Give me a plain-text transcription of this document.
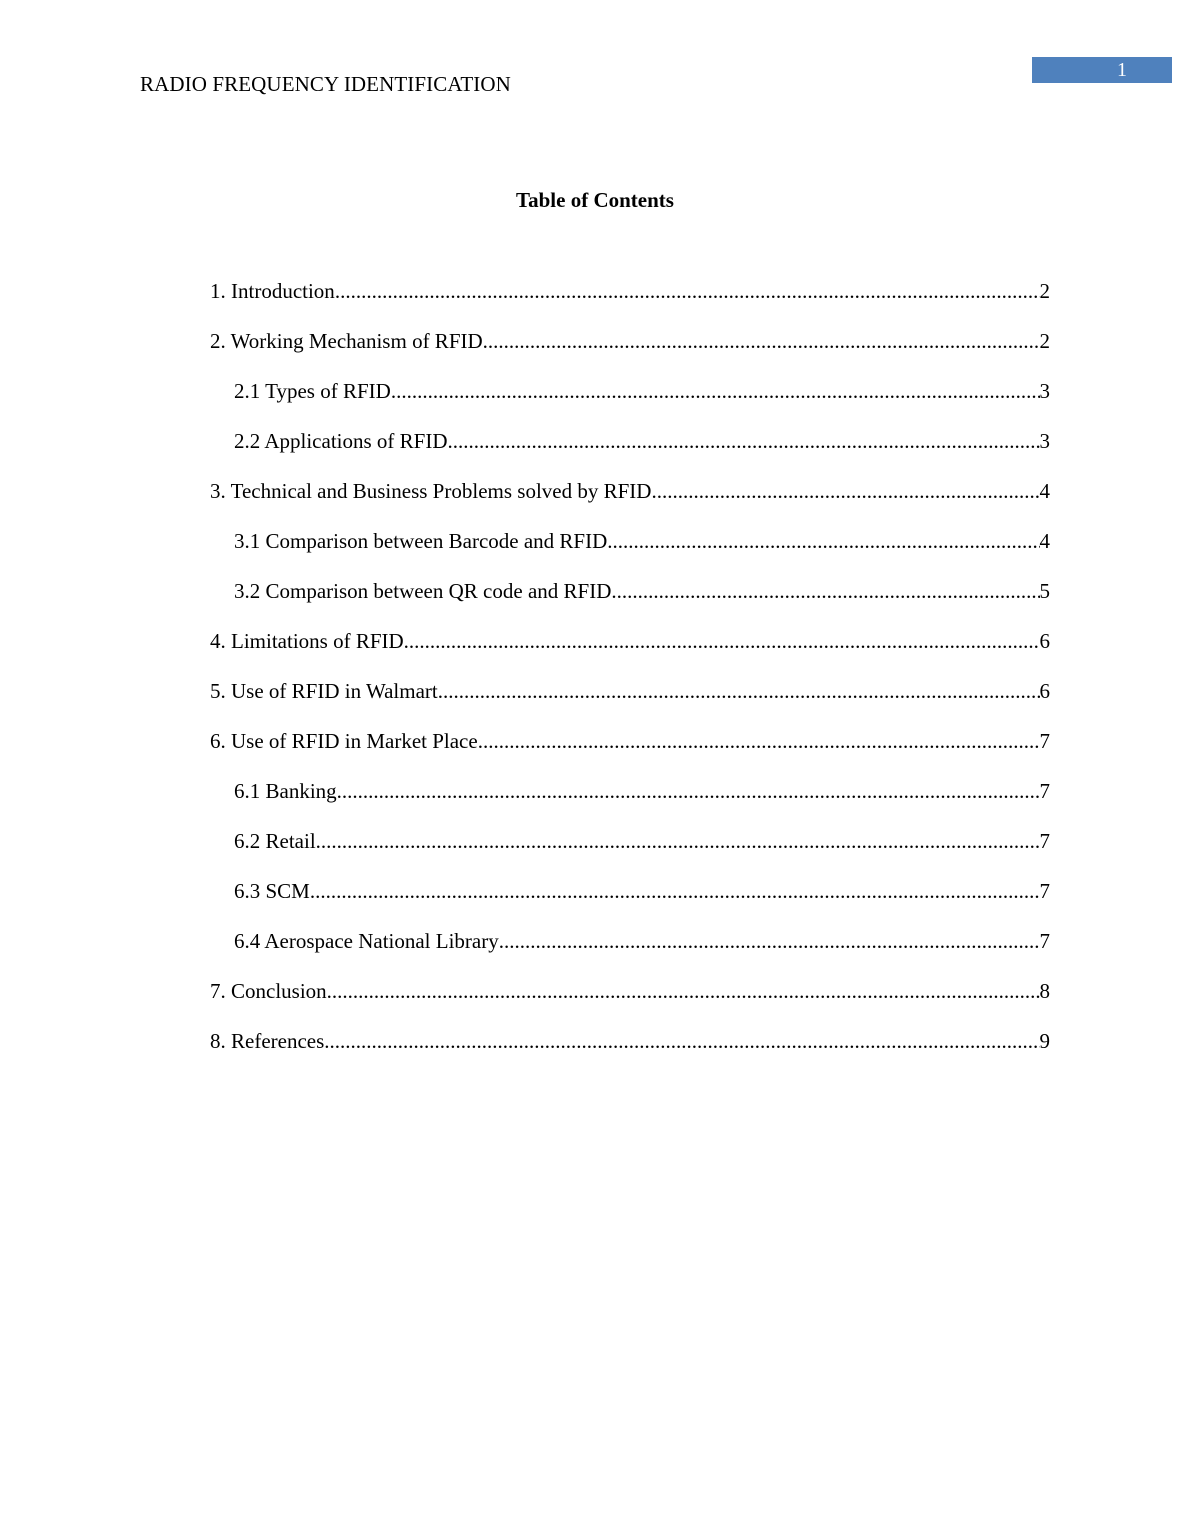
RADIO FREQUENCY IDENTIFICATION
1
Table of Contents
1. Introduction .....	2
2. Working Mechanism of RFID .....	2
2.1 Types of RFID .....	3
2.2 Applications of RFID .....	3
3. Technical and Business Problems solved by RFID .....	4
3.1 Comparison between Barcode and RFID .....	4
3.2 Comparison between QR code and RFID .....	5
4. Limitations of RFID .....	6
5. Use of RFID in Walmart .....	6
6. Use of RFID in Market Place .....	7
6.1 Banking .....	7
6.2 Retail .....	7
6.3 SCM .....	7
6.4 Aerospace National Library .....	7
7. Conclusion .....	8
8. References .....	9
